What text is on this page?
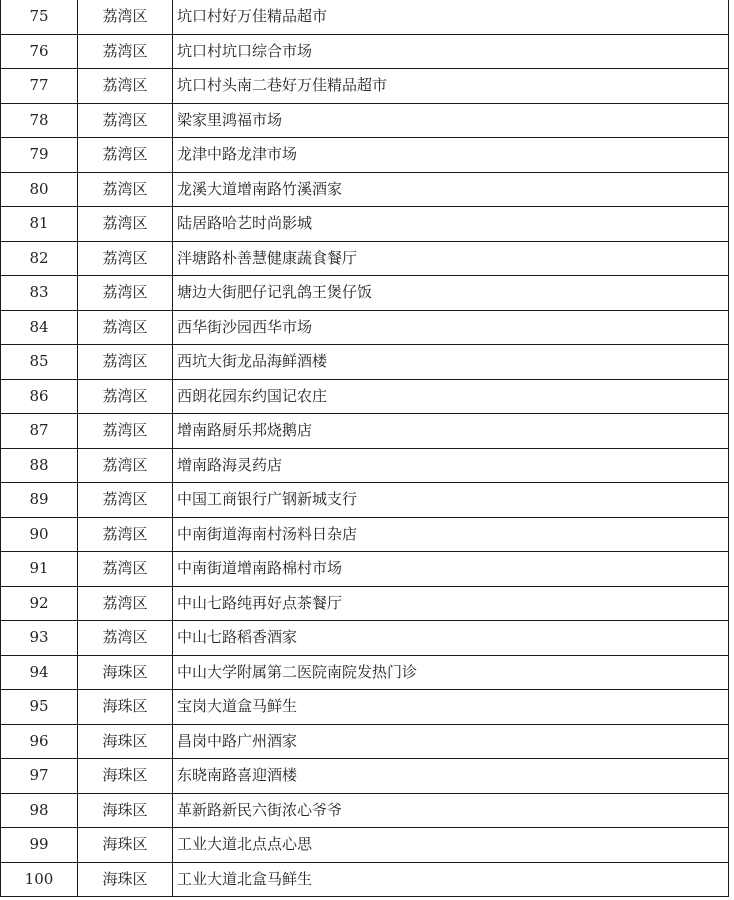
75	荔湾区	坑口村好万佳精品超市
76	荔湾区	坑口村坑口综合市场
77	荔湾区	坑口村头南二巷好万佳精品超市
78	荔湾区	梁家里鸿福市场
79	荔湾区	龙津中路龙津市场
80	荔湾区	龙溪大道增南路竹溪酒家
81	荔湾区	陆居路哈艺时尚影城
82	荔湾区	泮塘路朴善慧健康蔬食餐厅
83	荔湾区	塘边大街肥仔记乳鸽王煲仔饭
84	荔湾区	西华街沙园西华市场
85	荔湾区	西坑大街龙品海鲜酒楼
86	荔湾区	西朗花园东约国记农庄
87	荔湾区	增南路厨乐邦烧鹅店
88	荔湾区	增南路海灵药店
89	荔湾区	中国工商银行广钢新城支行
90	荔湾区	中南街道海南村汤料日杂店
91	荔湾区	中南街道增南路棉村市场
92	荔湾区	中山七路纯再好点茶餐厅
93	荔湾区	中山七路稻香酒家
94	海珠区	中山大学附属第二医院南院发热门诊
95	海珠区	宝岗大道盒马鲜生
96	海珠区	昌岗中路广州酒家
97	海珠区	东晓南路喜迎酒楼
98	海珠区	革新路新民六街浓心爷爷
99	海珠区	工业大道北点点心思
100	海珠区	工业大道北盒马鲜生
